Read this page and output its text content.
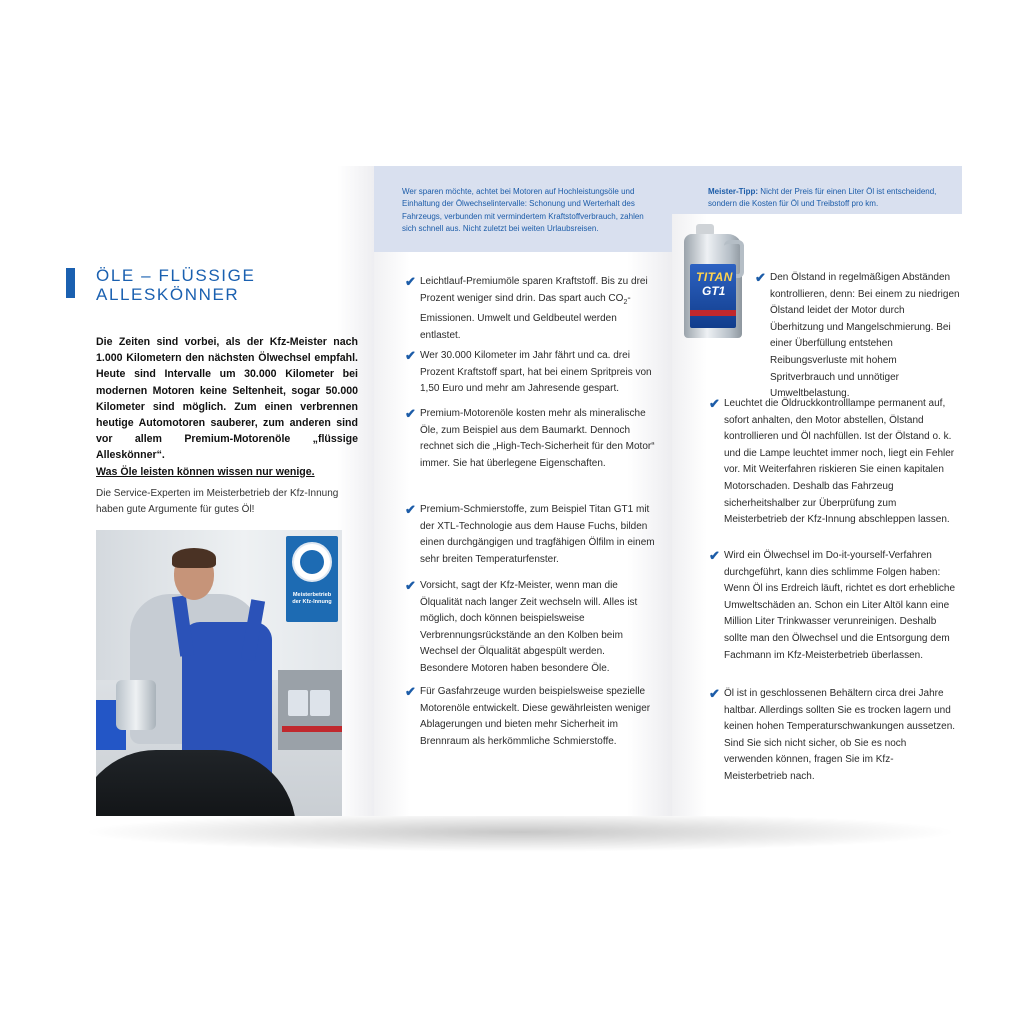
ÖLE – FLÜSSIGE
ALLESKÖNNER
Die Zeiten sind vorbei, als der Kfz-Meister nach 1.000 Kilometern den nächsten Ölwechsel empfahl. Heute sind Intervalle um 30.000 Kilometer bei modernen Motoren keine Seltenheit, sogar 50.000 Kilometer sind möglich. Zum einen verbrennen heutige Automotoren sauberer, zum anderen sind vor allem Premium-Motorenöle „flüssige Alleskönner“.
Was Öle leisten können wissen nur wenige.
Die Service-Experten im Meisterbetrieb der Kfz-Innung haben gute Argumente für gutes Öl!
Meisterbetrieb der Kfz-Innung
Wer sparen möchte, achtet bei Motoren auf Hochleistungsöle und Einhaltung der Ölwechselintervalle: Schonung und Werterhalt des Fahrzeugs, verbunden mit vermindertem Kraftstoffverbrauch, zahlen sich schnell aus. Nicht zuletzt bei weiten Urlaubsreisen.
✔ Leichtlauf-Premiumöle sparen Kraftstoff. Bis zu drei Prozent weniger sind drin. Das spart auch $CO_2$-Emissionen. Umwelt und Geldbeutel werden entlastet.
✔ Wer 30.000 Kilometer im Jahr fährt und ca. drei Prozent Kraftstoff spart, hat bei einem Spritpreis von 1,50 Euro und mehr am Jahresende gespart.
✔ Premium-Motorenöle kosten mehr als mineralische Öle, zum Beispiel aus dem Baumarkt. Dennoch rechnet sich die „High-Tech-Sicherheit für den Motor“ immer. Sie hat überlegene Eigenschaften.
✔ Premium-Schmierstoffe, zum Beispiel Titan GT1 mit der XTL-Technologie aus dem Hause Fuchs, bilden einen durchgängigen und tragfähigen Ölfilm in einem sehr breiten Temperaturfenster.
✔ Vorsicht, sagt der Kfz-Meister, wenn man die Ölqualität nach langer Zeit wechseln will. Alles ist möglich, doch können beispielsweise Verbrennungsrückstände an den Kolben beim Wechsel der Ölqualität abgespült werden. Besondere Motoren haben besondere Öle.
✔ Für Gasfahrzeuge wurden beispielsweise spezielle Motorenöle entwickelt. Diese gewährleisten weniger Ablagerungen und bieten mehr Sicherheit im Brennraum als herkömmliche Schmierstoffe.
Meister-Tipp: Nicht der Preis für einen Liter Öl ist entscheidend, sondern die Kosten für Öl und Treibstoff pro km.
TITAN
GT1
✔ Den Ölstand in regelmäßigen Abständen kontrollieren, denn: Bei einem zu niedrigen Ölstand leidet der Motor durch Überhitzung und Mangelschmierung. Bei einer Überfüllung entstehen Reibungsverluste mit hohem Spritverbrauch und unnötiger Umweltbelastung.
✔ Leuchtet die Öldruckkontrolllampe permanent auf, sofort anhalten, den Motor abstellen, Ölstand kontrollieren und Öl nachfüllen. Ist der Ölstand o. k. und die Lampe leuchtet immer noch, liegt ein Fehler vor. Mit Weiterfahren riskieren Sie einen kapitalen Motorschaden. Deshalb das Fahrzeug sicherheitshalber zur Überprüfung zum Meisterbetrieb der Kfz-Innung abschleppen lassen.
✔ Wird ein Ölwechsel im Do-it-yourself-Verfahren durchgeführt, kann dies schlimme Folgen haben: Wenn Öl ins Erdreich läuft, richtet es dort erhebliche Umweltschäden an. Schon ein Liter Altöl kann eine Million Liter Trinkwasser verunreinigen. Deshalb sollte man den Ölwechsel und die Entsorgung dem Fachmann im Kfz-Meisterbetrieb überlassen.
✔ Öl ist in geschlossenen Behältern circa drei Jahre haltbar. Allerdings sollten Sie es trocken lagern und keinen hohen Temperaturschwankungen aussetzen. Sind Sie sich nicht sicher, ob Sie es noch verwenden können, fragen Sie im Kfz-Meisterbetrieb nach.
